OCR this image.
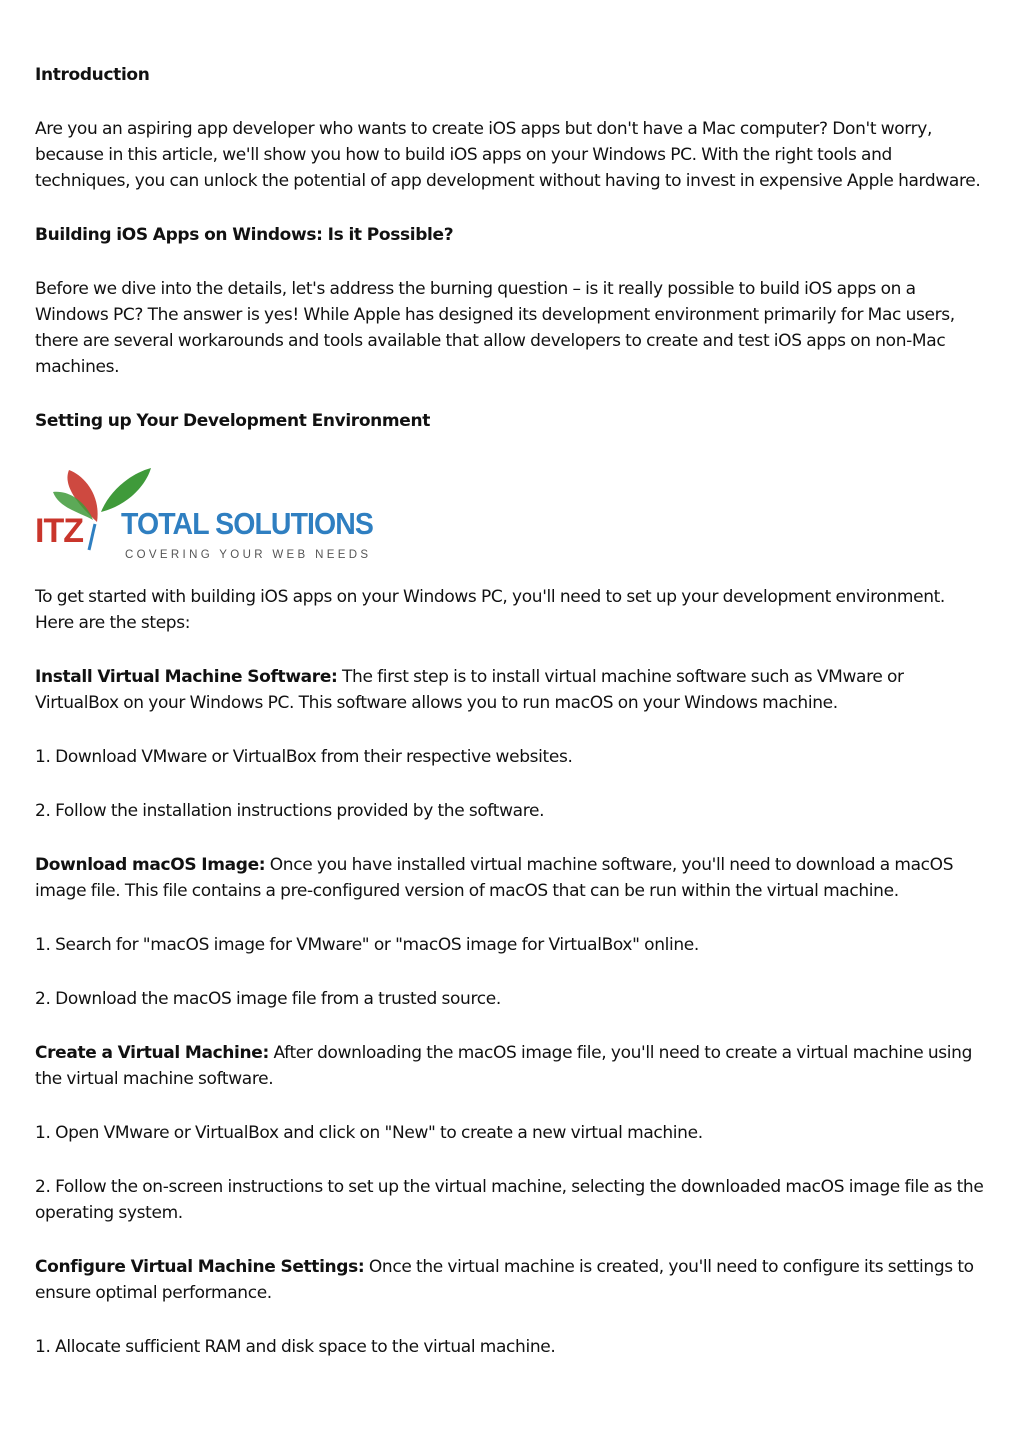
Introduction

Are you an aspiring app developer who wants to create iOS apps but don't have a Mac computer? Don't worry, because in this article, we'll show you how to build iOS apps on your Windows PC. With the right tools and techniques, you can unlock the potential of app development without having to invest in expensive Apple hardware.

Building iOS Apps on Windows: Is it Possible?

Before we dive into the details, let's address the burning question – is it really possible to build iOS apps on a Windows PC? The answer is yes! While Apple has designed its development environment primarily for Mac users, there are several workarounds and tools available that allow developers to create and test iOS apps on non-Mac machines.

Setting up Your Development Environment
ITZ TOTAL SOLUTIONS
COVERING YOUR WEB NEEDS

To get started with building iOS apps on your Windows PC, you'll need to set up your development environment. Here are the steps:

Install Virtual Machine Software: The first step is to install virtual machine software such as VMware or VirtualBox on your Windows PC. This software allows you to run macOS on your Windows machine.

1. Download VMware or VirtualBox from their respective websites.

2. Follow the installation instructions provided by the software.

Download macOS Image: Once you have installed virtual machine software, you'll need to download a macOS image file. This file contains a pre-configured version of macOS that can be run within the virtual machine.

1. Search for "macOS image for VMware" or "macOS image for VirtualBox" online.

2. Download the macOS image file from a trusted source.

Create a Virtual Machine: After downloading the macOS image file, you'll need to create a virtual machine using the virtual machine software.

1. Open VMware or VirtualBox and click on "New" to create a new virtual machine.

2. Follow the on-screen instructions to set up the virtual machine, selecting the downloaded macOS image file as the operating system.

Configure Virtual Machine Settings: Once the virtual machine is created, you'll need to configure its settings to ensure optimal performance.

1. Allocate sufficient RAM and disk space to the virtual machine.
